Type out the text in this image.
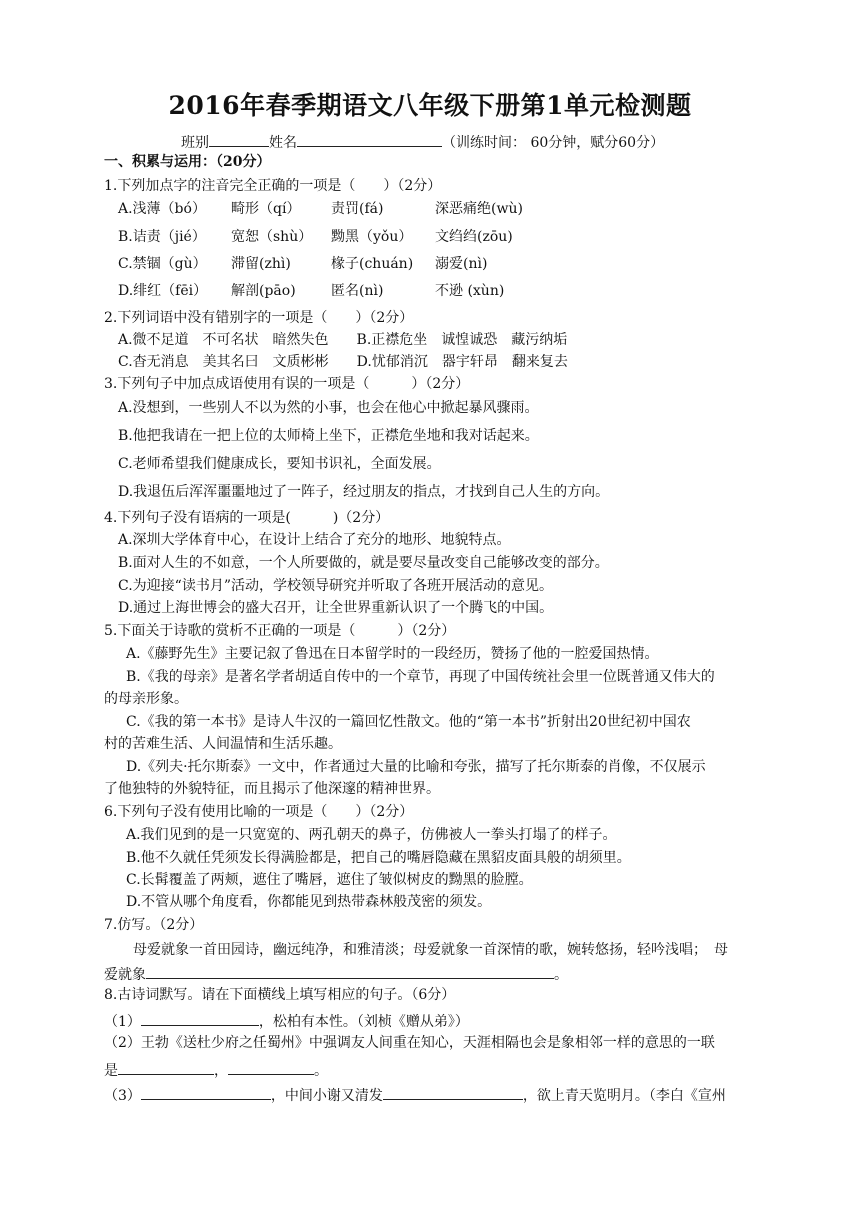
2016年春季期语文八年级下册第1单元检测题
班别	姓名	（训练时间： 60分钟，赋分60分）
一、积累与运用：（20分）
1.下列加点字的注音完全正确的一项是（　　）（2分）
A.浅薄（bó） 畸形（qí） 责罚(fá)	深恶痛绝(wù)
B.诘责（jié） 宽恕（shù） 黝黑（yǒu） 文绉绉(zōu)
C.禁锢（gù） 滞留(zhì)	椽子(chuán) 溺爱(nì)
D.绯红（fēi） 解剖(pāo)	匿名(nì)	不逊 (xùn)
2.下列词语中没有错别字的一项是（　　）（2分）
A.微不足道　不可名状　暗然失色　　B.正襟危坐　诚惶诚恐　藏污纳垢
C.杳无消息　美其名曰　文质彬彬　　D.忧郁消沉　器宇轩昂　翻来复去
3.下列句子中加点成语使用有误的一项是（　　　）（2分）
A.没想到，一些别人不以为然的小事，也会在他心中掀起暴风骤雨。
B.他把我请在一把上位的太师椅上坐下，正襟危坐地和我对话起来。
C.老师希望我们健康成长，要知书识礼，全面发展。
D.我退伍后浑浑噩噩地过了一阵子，经过朋友的指点，才找到自己人生的方向。
4.下列句子没有语病的一项是(　　　)（2分）
A.深圳大学体育中心，在设计上结合了充分的地形、地貌特点。
B.面对人生的不如意，一个人所要做的，就是要尽量改变自己能够改变的部分。
C.为迎接“读书月”活动，学校领导研究并听取了各班开展活动的意见。
D.通过上海世博会的盛大召开，让全世界重新认识了一个腾飞的中国。
5.下面关于诗歌的赏析不正确的一项是（　　　）（2分）
A.《藤野先生》主要记叙了鲁迅在日本留学时的一段经历，赞扬了他的一腔爱国热情。
B.《我的母亲》是著名学者胡适自传中的一个章节，再现了中国传统社会里一位既普通又伟大的
的母亲形象。
C.《我的第一本书》是诗人牛汉的一篇回忆性散文。他的“第一本书”折射出20世纪初中国农
村的苦难生活、人间温情和生活乐趣。
D.《列夫·托尔斯泰》一文中，作者通过大量的比喻和夸张，描写了托尔斯泰的肖像，不仅展示
了他独特的外貌特征，而且揭示了他深邃的精神世界。
6.下列句子没有使用比喻的一项是（　　）（2分）
A.我们见到的是一只宽宽的、两孔朝天的鼻子，仿佛被人一拳头打塌了的样子。
B.他不久就任凭须发长得满脸都是，把自己的嘴唇隐藏在黑貂皮面具般的胡须里。
C.长髯覆盖了两颊，遮住了嘴唇，遮住了皱似树皮的黝黑的脸膛。
D.不管从哪个角度看，你都能见到热带森林般茂密的须发。
7.仿写。（2分）
母爱就象一首田园诗，幽远纯净，和雅清淡；母爱就象一首深情的歌，婉转悠扬，轻吟浅唱；　母
爱就象	。
8.古诗词默写。请在下面横线上填写相应的句子。（6分）
（1）	，松柏有本性。（刘桢《赠从弟》）
（2）王勃《送杜少府之任蜀州》中强调友人间重在知心，天涯相隔也会是象相邻一样的意思的一联
是	，	。
（3）	，中间小谢又清发	，欲上青天览明月。（李白《宣州
